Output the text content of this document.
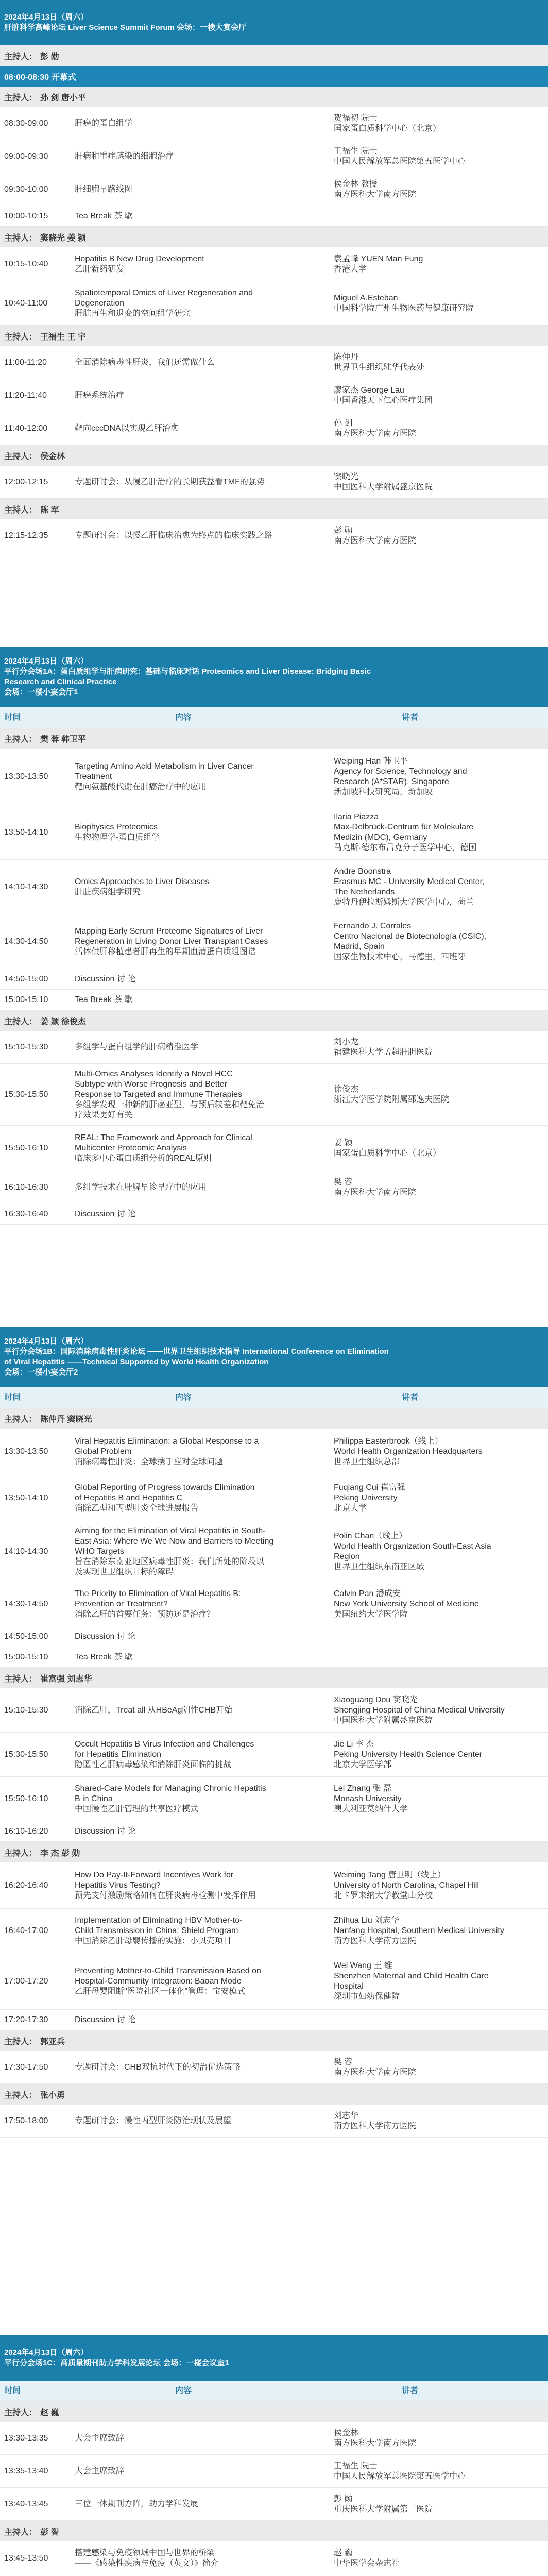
2024年4月13日（周六）
肝脏科学高峰论坛 Liver Science Summit Forum 会场：一楼大宴会厅
主持人： 彭 勋
08:00-08:30 开幕式
主持人： 孙 剑 唐小平
08:30-09:00	肝癌的蛋白组学
贺福初 院士
国家蛋白质科学中心（北京）
09:00-09:30	肝病和重症感染的细胞治疗
王福生 院士
中国人民解放军总医院第五医学中心
09:30-10:00	肝细胞早路线图
侯金林 教授
南方医科大学南方医院
10:00-10:15	Tea Break 茶 歇
主持人： 窦晓光 姜 颖
10:15-10:40
Hepatitis B New Drug Development
乙肝新药研发
袁孟峰 YUEN Man Fung
香港大学
10:40-11:00
Spatiotemporal Omics of Liver Regeneration and
Degeneration
肝脏再生和退变的空间组学研究
Miguel A.Esteban
中国科学院广州生物医药与健康研究院
主持人： 王福生 王 宇
11:00-11:20	全面消除病毒性肝炎，我们还需做什么
陈仲丹
世界卫生组织驻华代表处
11:20-11:40	肝癌系统治疗
廖家杰 George Lau
中国香港天下仁心医疗集团
11:40-12:00	靶向cccDNA以实现乙肝治愈
孙 剑
南方医科大学南方医院
主持人： 侯金林
12:00-12:15	专题研讨会：从慢乙肝治疗的长期获益看TMF的强势
窦晓光
中国医科大学附属盛京医院
主持人： 陈 军
12:15-12:35	专题研讨会：以慢乙肝临床治愈为终点的临床实践之路
彭 勋
南方医科大学南方医院
2024年4月13日（周六）
平行分会场1A：蛋白质组学与肝病研究：基础与临床对话 Proteomics and Liver Disease: Bridging Basic
Research and Clinical Practice
会场：一楼小宴会厅1
时间	内容	讲者
主持人： 樊 蓉 韩卫平
13:30-13:50
Targeting Amino Acid Metabolism in Liver Cancer
Treatment
靶向氨基酸代谢在肝癌治疗中的应用
Weiping Han 韩卫平
Agency for Science, Technology and
Research (A*STAR), Singapore
新加坡科技研究局，新加坡
13:50-14:10
Biophysics Proteomics
生物物理学-蛋白质组学
Ilaria Piazza
Max-Delbrück-Centrum für Molekulare
Medizin (MDC), Germany
马克斯·德尔布吕克分子医学中心，德国
14:10-14:30
Omics Approaches to Liver Diseases
肝脏疾病组学研究
Andre Boonstra
Erasmus MC - University Medical Center,
The Netherlands
鹿特丹伊拉斯姆斯大学医学中心，荷兰
14:30-14:50
Mapping Early Serum Proteome Signatures of Liver
Regeneration in Living Donor Liver Transplant Cases
活体供肝移植患者肝再生的早期血清蛋白质组图谱
Fernando J. Corrales
Centro Nacional de Biotecnología (CSIC),
Madrid, Spain
国家生物技术中心，马德里，西班牙
14:50-15:00	Discussion 讨 论
15:00-15:10	Tea Break 茶 歇
主持人： 姜 颖 徐俊杰
15:10-15:30	多组学与蛋白组学的肝病精准医学
刘小龙
福建医科大学孟超肝胆医院
15:30-15:50
Multi-Omics Analyses Identify a Novel HCC
Subtype with Worse Prognosis and Better
Response to Targeted and Immune Therapies
多组学发现一种新的肝癌亚型，与预后较差和靶免治
疗效果更好有关
徐俊杰
浙江大学医学院附属邵逸夫医院
15:50-16:10
REAL: The Framework and Approach for Clinical
Multicenter Proteomic Analysis
临床多中心蛋白质组分析的REAL原则
姜 颖
国家蛋白质科学中心（北京）
16:10-16:30	多组学技术在肝脾早诊早疗中的应用
樊 蓉
南方医科大学南方医院
16:30-16:40	Discussion 讨 论
2024年4月13日（周六）
平行分会场1B：国际消除病毒性肝炎论坛 ——世界卫生组织技术指导 International Conference on Elimination
of Viral Hepatitis ——Technical Supported by World Health Organization
会场：一楼小宴会厅2
时间	内容	讲者
主持人： 陈仲丹 窦晓光
13:30-13:50
Viral Hepatitis Elimination: a Global Response to a
Global Problem
消除病毒性肝炎：全球携手应对全球问题
Philippa Easterbrook（线上）
World Health Organization Headquarters
世界卫生组织总部
13:50-14:10
Global Reporting of Progress towards Elimination
of Hepatitis B and Hepatitis C
消除乙型和丙型肝炎全球进展报告
Fuqiang Cui 崔富强
Peking University
北京大学
14:10-14:30
Aiming for the Elimination of Viral Hepatitis in South-
East Asia: Where We We Now and Barriers to Meeting
WHO Targets
旨在消除东南亚地区病毒性肝炎：我们所处的阶段以
及实现世卫组织目标的障碍
Polin Chan（线上）
World Health Organization South-East Asia
Region
世界卫生组织东南亚区域
14:30-14:50
The Priority to Elimination of Viral Hepatitis B:
Prevention or Treatment?
消除乙肝的首要任务：预防还是治疗？
Calvin Pan 潘成安
New York University School of Medicine
美国纽约大学医学院
14:50-15:00	Discussion 讨 论
15:00-15:10	Tea Break 茶 歇
主持人： 崔富强 刘志华
15:10-15:30	消除乙肝，Treat all 从HBeAg阴性CHB开始
Xiaoguang Dou 窦晓光
Shengjing Hospital of China Medical University
中国医科大学附属盛京医院
15:30-15:50
Occult Hepatitis B Virus Infection and Challenges
for Hepatitis Elimination
隐匿性乙肝病毒感染和消除肝炎面临的挑战
Jie Li 李 杰
Peking University Health Science Center
北京大学医学部
15:50-16:10
Shared-Care Models for Managing Chronic Hepatitis
B in China
中国慢性乙肝管理的共享医疗模式
Lei Zhang 张 磊
Monash University
澳大利亚莫纳什大学
16:10-16:20	Discussion 讨 论
主持人： 李 杰 彭 勋
16:20-16:40
How Do Pay-It-Forward Incentives Work for
Hepatitis Virus Testing?
预先支付激励策略如何在肝炎病毒检测中发挥作用
Weiming Tang 唐卫明（线上）
University of North Carolina, Chapel Hill
北卡罗来纳大学教堂山分校
16:40-17:00
Implementation of Eliminating HBV Mother-to-
Child Transmission in China: Shield Program
中国消除乙肝母婴传播的实施：小贝壳项目
Zhihua Liu 刘志华
Nanfang Hospital, Southern Medical University
南方医科大学南方医院
17:00-17:20
Preventing Mother-to-Child Transmission Based on
Hospital-Community Integration: Baoan Mode
乙肝母婴阻断"医院社区一体化"管理：宝安模式
Wei Wang 王 维
Shenzhen Maternal and Child Health Care
Hospital
深圳市妇幼保健院
17:20-17:30	Discussion 讨 论
主持人： 郭亚兵
17:30-17:50	专题研讨会：CHB双抗时代下的初治优选策略
樊 蓉
南方医科大学南方医院
主持人： 张小勇
17:50-18:00	专题研讨会：慢性丙型肝炎防治现状及展望
刘志华
南方医科大学南方医院
2024年4月13日（周六）
平行分会场1C：高质量期刊助力学科发展论坛 会场：一楼会议室1
时间	内容	讲者
主持人： 赵 巍
13:30-13:35	大会主席致辞
侯金林
南方医科大学南方医院
13:35-13:40	大会主席致辞
王福生 院士
中国人民解放军总医院第五医学中心
13:40-13:45	三位一体期刊方阵，助力学科发展
彭 勋
重庆医科大学附属第二医院
主持人： 彭 智
13:45-13:50
搭建感染与免疫领域中国与世界的桥梁
——《感染性疾病与免疫（英文）》简介
赵 巍
中华医学会杂志社
